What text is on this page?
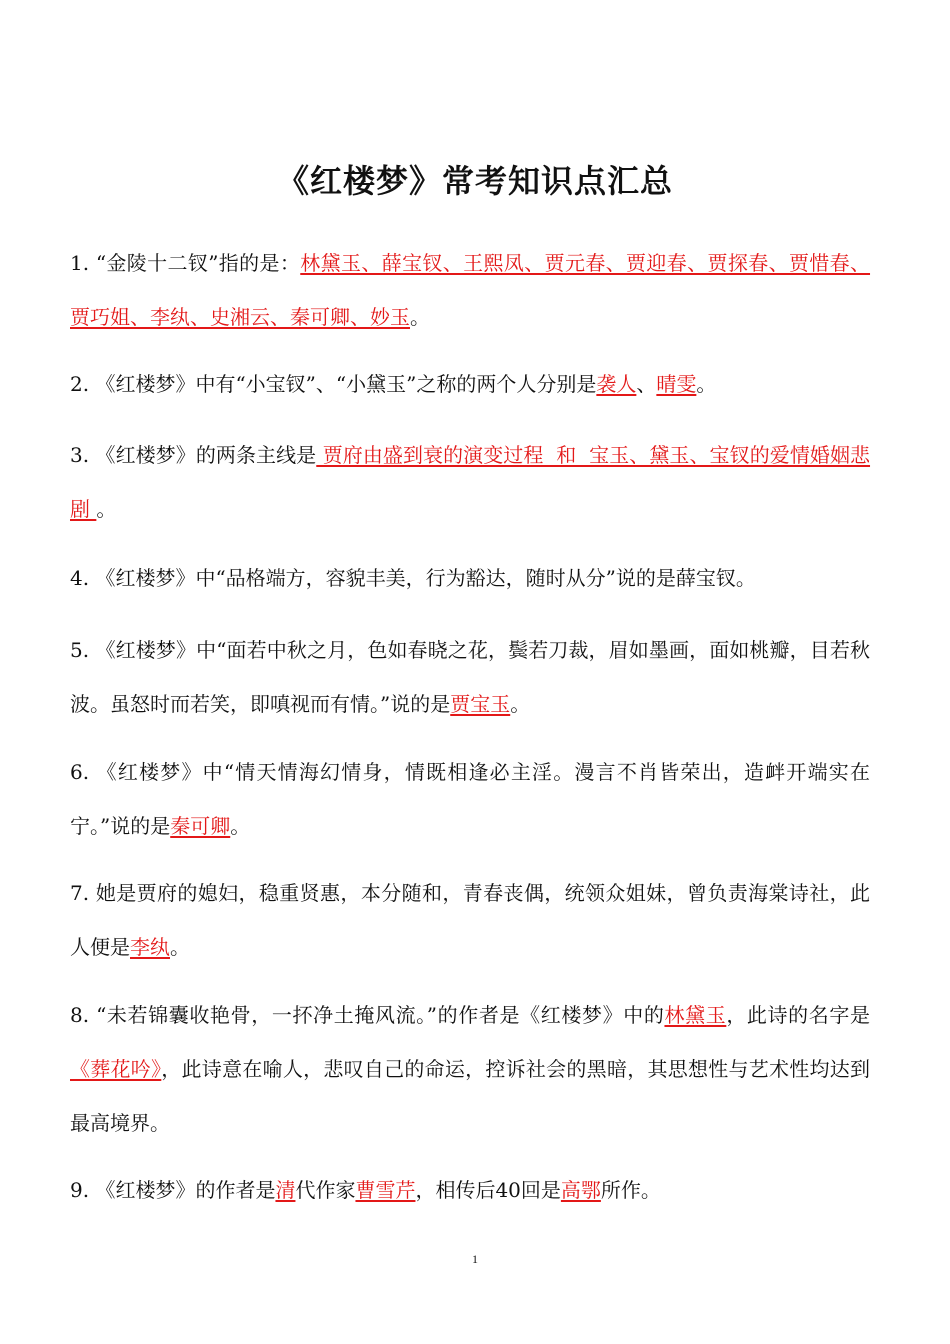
《红楼梦》常考知识点汇总
1. “金陵十二钗”指的是：林黛玉、薛宝钗、王熙凤、贾元春、贾迎春、贾探春、贾惜春、贾巧姐、李纨、史湘云、秦可卿、妙玉。
2. 《红楼梦》中有“小宝钗”、“小黛玉”之称的两个人分别是袭人、晴雯。
3. 《红楼梦》的两条主线是 贾府由盛到衰的演变过程  和  宝玉、黛玉、宝钗的爱情婚姻悲剧 。
4. 《红楼梦》中“品格端方，容貌丰美，行为豁达，随时从分”说的是薛宝钗。
5. 《红楼梦》中“面若中秋之月，色如春晓之花，鬓若刀裁，眉如墨画，面如桃瓣，目若秋波。虽怒时而若笑，即嗔视而有情。”说的是贾宝玉。
6. 《红楼梦》中“情天情海幻情身，情既相逢必主淫。漫言不肖皆荣出，造衅开端实在宁。”说的是秦可卿。
7. 她是贾府的媳妇，稳重贤惠，本分随和，青春丧偶，统领众姐妹，曾负责海棠诗社，此人便是李纨。
8. “未若锦囊收艳骨，一抔净土掩风流。”的作者是《红楼梦》中的林黛玉，此诗的名字是《葬花吟》，此诗意在喻人，悲叹自己的命运，控诉社会的黑暗，其思想性与艺术性均达到最高境界。
9. 《红楼梦》的作者是清代作家曹雪芹，相传后40回是高鄂所作。
1
